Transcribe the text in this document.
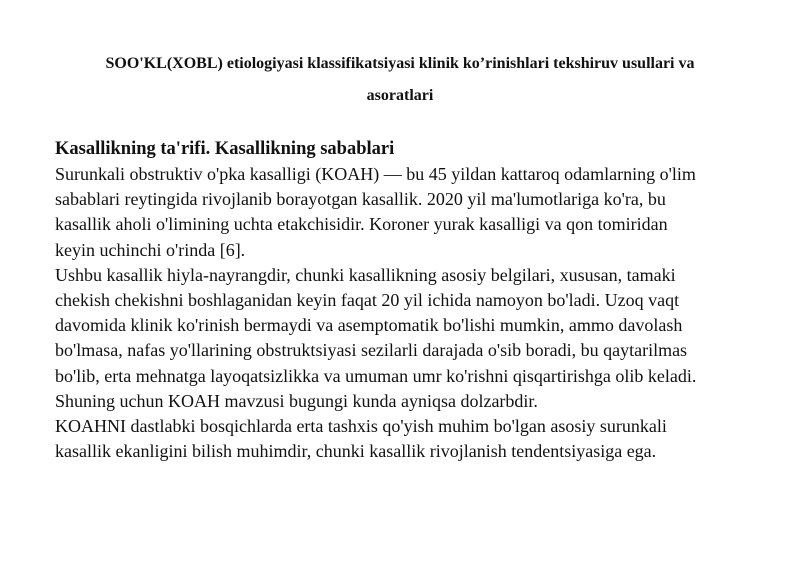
SOO'KL(XOBL) etiologiyasi klassifikatsiyasi klinik ko’rinishlari tekshiruv usullari va
asoratlari
Kasallikning ta'rifi. Kasallikning sabablari

Surunkali obstruktiv o'pka kasalligi (KOAH) — bu 45 yildan kattaroq odamlarning o'lim
sabablari reytingida rivojlanib borayotgan kasallik. 2020 yil ma'lumotlariga ko'ra, bu
kasallik aholi o'limining uchta etakchisidir. Koroner yurak kasalligi va qon tomiridan
keyin uchinchi o'rinda [6].

Ushbu kasallik hiyla-nayrangdir, chunki kasallikning asosiy belgilari, xususan, tamaki
chekish chekishni boshlaganidan keyin faqat 20 yil ichida namoyon bo'ladi. Uzoq vaqt
davomida klinik ko'rinish bermaydi va asemptomatik bo'lishi mumkin, ammo davolash
bo'lmasa, nafas yo'llarining obstruktsiyasi sezilarli darajada o'sib boradi, bu qaytarilmas
bo'lib, erta mehnatga layoqatsizlikka va umuman umr ko'rishni qisqartirishga olib keladi.
Shuning uchun KOAH mavzusi bugungi kunda ayniqsa dolzarbdir.

KOAHNI dastlabki bosqichlarda erta tashxis qo'yish muhim bo'lgan asosiy surunkali
kasallik ekanligini bilish muhimdir, chunki kasallik rivojlanish tendentsiyasiga ega.
